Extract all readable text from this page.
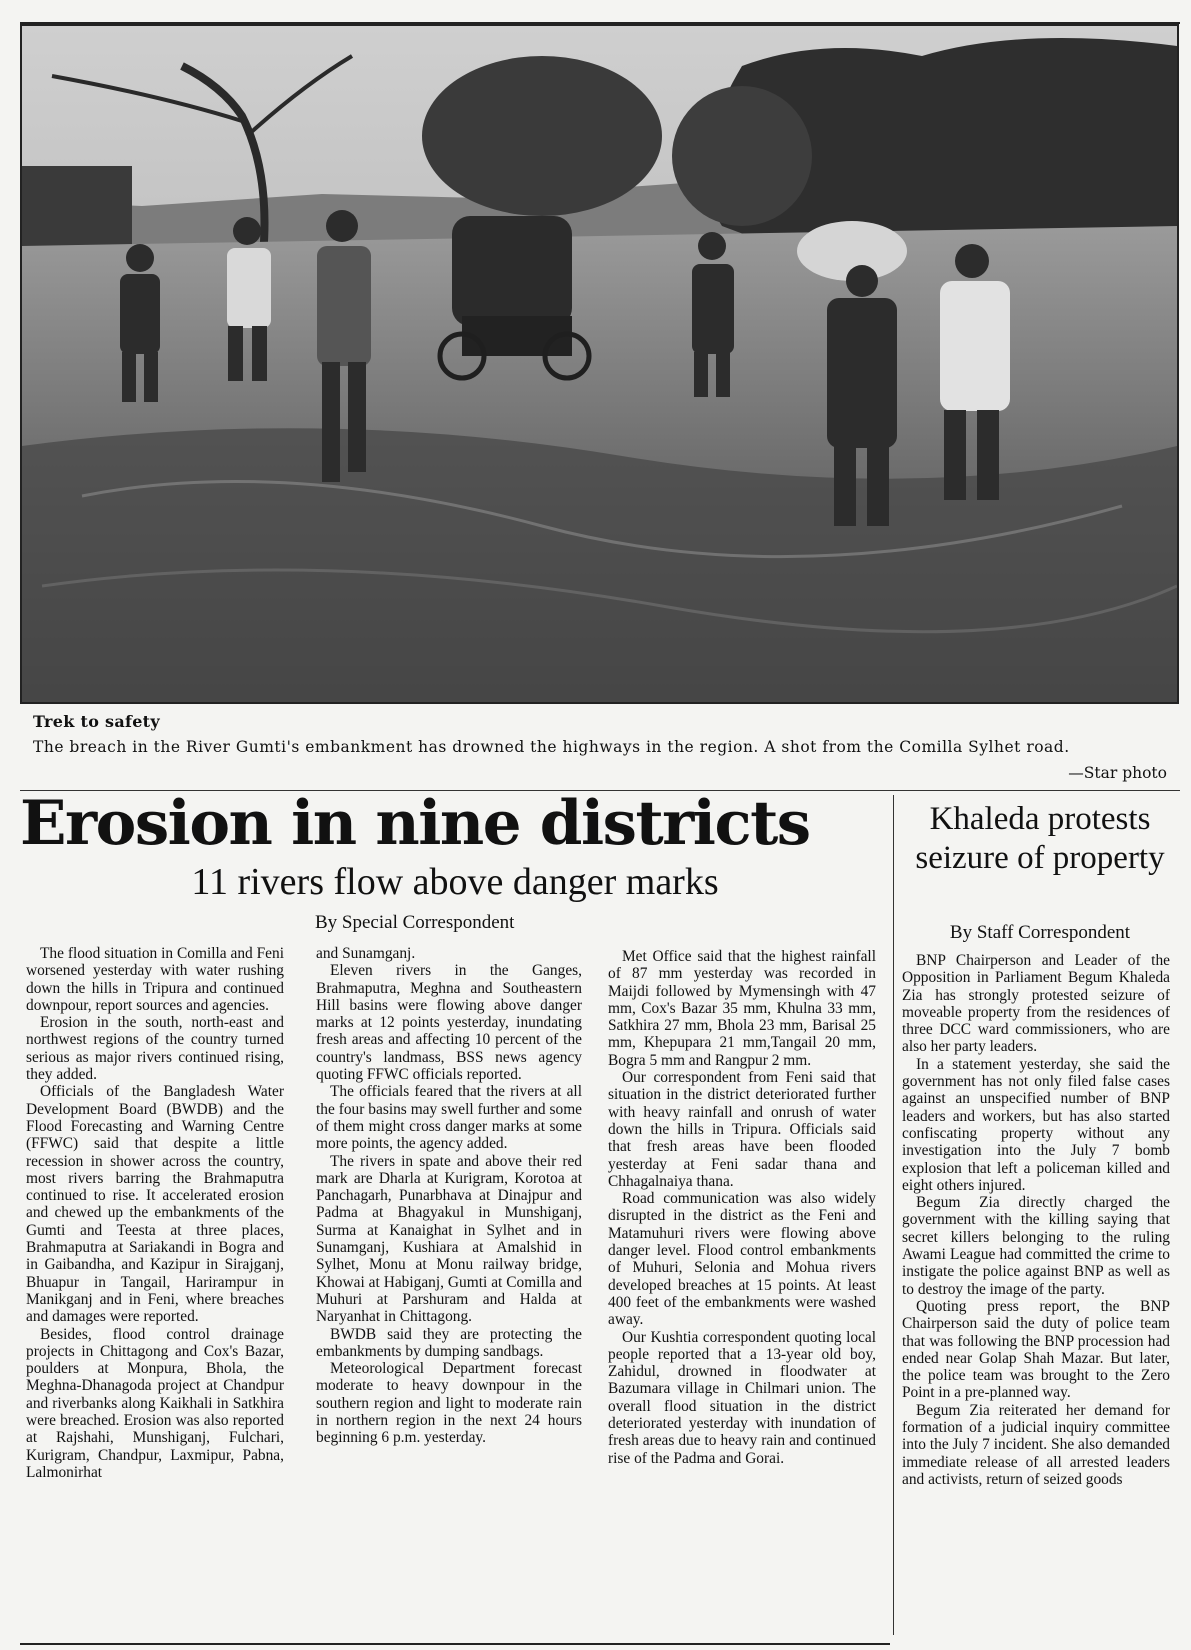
Trek to safety
The breach in the River Gumti's embankment has drowned the highways in the region. A shot from the Comilla Sylhet road.
—Star photo
Erosion in nine districts
11 rivers flow above danger marks
By Special Correspondent

The flood situation in Comilla and Feni worsened yesterday with water rushing down the hills in Tripura and continued downpour, report sources and agencies.

Erosion in the south, north-east and northwest regions of the country turned serious as major rivers continued rising, they added.

Officials of the Bangladesh Water Development Board (BWDB) and the Flood Forecasting and Warning Centre (FFWC) said that despite a little recession in shower across the country, most rivers barring the Brahmaputra continued to rise. It accelerated erosion and chewed up the embankments of the Gumti and Teesta at three places, Brahmaputra at Sariakandi in Bogra and in Gaibandha, and Kazipur in Sirajganj, Bhuapur in Tangail, Harirampur in Manikganj and in Feni, where breaches and damages were reported.

Besides, flood control drainage projects in Chittagong and Cox's Bazar, poulders at Monpura, Bhola, the Meghna-Dhanagoda project at Chandpur and riverbanks along Kaikhali in Satkhira were breached. Erosion was also reported at Rajshahi, Munshiganj, Fulchari, Kurigram, Chandpur, Laxmipur, Pabna, Lalmonirhat

and Sunamganj.

Eleven rivers in the Ganges, Brahmaputra, Meghna and Southeastern Hill basins were flowing above danger marks at 12 points yesterday, inundating fresh areas and affecting 10 percent of the country's landmass, BSS news agency quoting FFWC officials reported.

The officials feared that the rivers at all the four basins may swell further and some of them might cross danger marks at some more points, the agency added.

The rivers in spate and above their red mark are Dharla at Kurigram, Korotoa at Panchagarh, Punarbhava at Dinajpur and Padma at Bhagyakul in Munshiganj, Surma at Kanaighat in Sylhet and in Sunamganj, Kushiara at Amalshid in Sylhet, Monu at Monu railway bridge, Khowai at Habiganj, Gumti at Comilla and Muhuri at Parshuram and Halda at Naryanhat in Chittagong.

BWDB said they are protecting the embankments by dumping sandbags.

Meteorological Department forecast moderate to heavy downpour in the southern region and light to moderate rain in northern region in the next 24 hours beginning 6 p.m. yesterday.

Met Office said that the highest rainfall of 87 mm yesterday was recorded in Maijdi followed by Mymensingh with 47 mm, Cox's Bazar 35 mm, Khulna 33 mm, Satkhira 27 mm, Bhola 23 mm, Barisal 25 mm, Khepupara 21 mm,Tangail 20 mm, Bogra 5 mm and Rangpur 2 mm.

Our correspondent from Feni said that situation in the district deteriorated further with heavy rainfall and onrush of water down the hills in Tripura. Officials said that fresh areas have been flooded yesterday at Feni sadar thana and Chhagalnaiya thana.

Road communication was also widely disrupted in the district as the Feni and Matamuhuri rivers were flowing above danger level. Flood control embankments of Muhuri, Selonia and Mohua rivers developed breaches at 15 points. At least 400 feet of the embankments were washed away.

Our Kushtia correspondent quoting local people reported that a 13-year old boy, Zahidul, drowned in floodwater at Bazumara village in Chilmari union. The overall flood situation in the district deteriorated yesterday with inundation of fresh areas due to heavy rain and continued rise of the Padma and Gorai.

Khaleda protests seizure of property
By Staff Correspondent

BNP Chairperson and Leader of the Opposition in Parliament Begum Khaleda Zia has strongly protested seizure of moveable property from the residences of three DCC ward commissioners, who are also her party leaders.

In a statement yesterday, she said the government has not only filed false cases against an unspecified number of BNP leaders and workers, but has also started confiscating property without any investigation into the July 7 bomb explosion that left a policeman killed and eight others injured.

Begum Zia directly charged the government with the killing saying that secret killers belonging to the ruling Awami League had committed the crime to instigate the police against BNP as well as to destroy the image of the party.

Quoting press report, the BNP Chairperson said the duty of police team that was following the BNP procession had ended near Golap Shah Mazar. But later, the police team was brought to the Zero Point in a pre-planned way.

Begum Zia reiterated her demand for formation of a judicial inquiry committee into the July 7 incident. She also demanded immediate release of all arrested leaders and activists, return of seized goods
